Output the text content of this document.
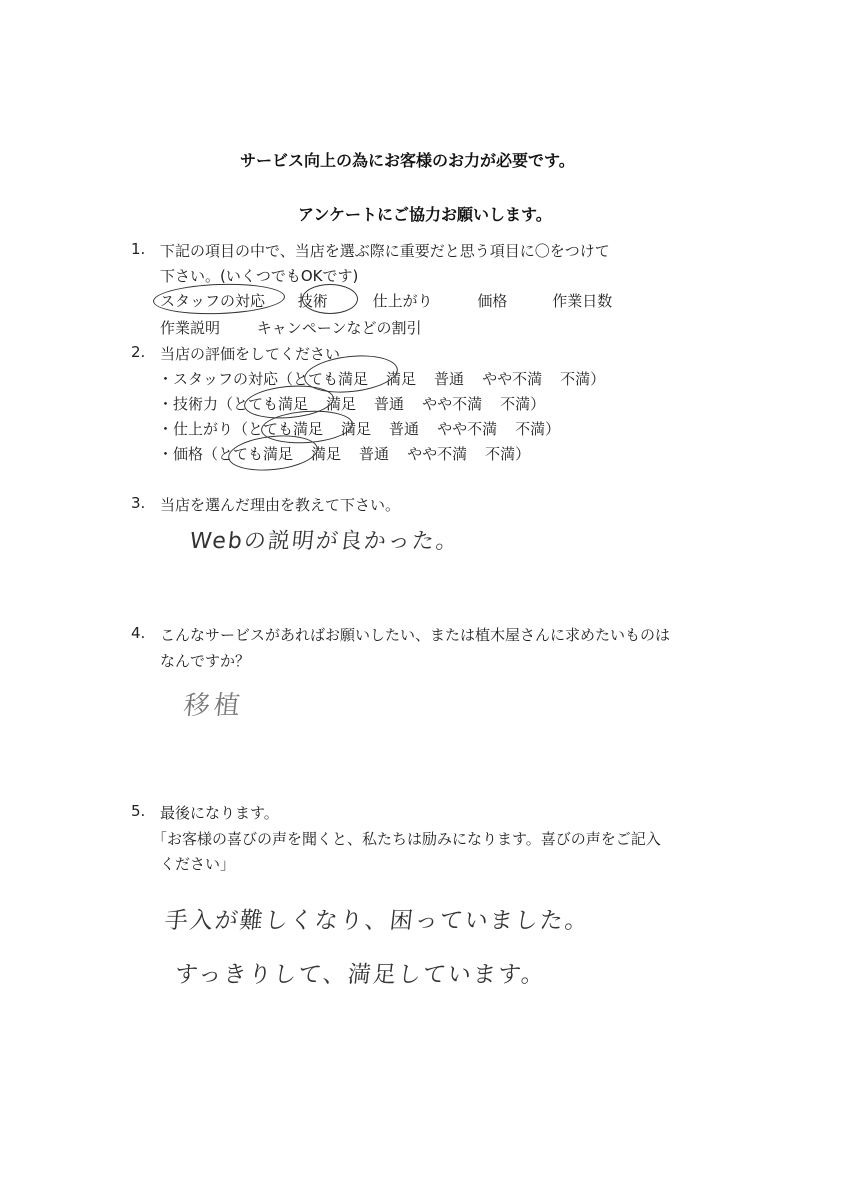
サービス向上の為にお客様のお力が必要です。
アンケートにご協力お願いします。
1. 下記の項目の中で、当店を選ぶ際に重要だと思う項目に〇をつけて
下さい。(いくつでもOKです)
スタッフの対応 技術	仕上がり	価格	作業日数
作業説明 キャンペーンなどの割引
2. 当店の評価をしてください
・スタッフの対応（とても満足 満足 普通 やや不満 不満）
・技術力（とても満足 満足 普通 やや不満 不満）
・仕上がり（とても満足 満足 普通 やや不満 不満）
・価格（とても満足 満足 普通 やや不満 不満）
3. 当店を選んだ理由を教えて下さい。
Webの説明が良かった。
4. こんなサービスがあればお願いしたい、または植木屋さんに求めたいものは
なんですか？
移植
5. 最後になります。
「お客様の喜びの声を聞くと、私たちは励みになります。喜びの声をご記入
ください」
手入が難しくなり、困っていました。
すっきりして、満足しています。
